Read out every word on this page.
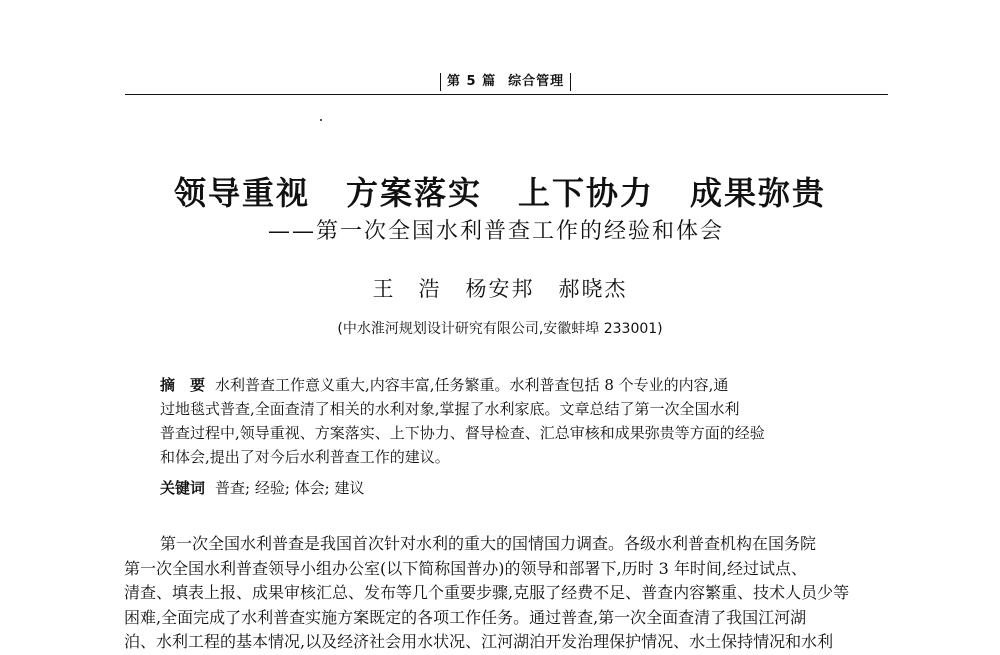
第 5 篇 综合管理
领导重视 方案落实 上下协力 成果弥贵
——第一次全国水利普查工作的经验和体会
王　浩 杨安邦 郝晓杰
(中水淮河规划设计研究有限公司,安徽蚌埠 233001)
摘　要 水利普查工作意义重大,内容丰富,任务繁重。水利普查包括 8 个专业的内容,通
过地毯式普查,全面查清了相关的水利对象,掌握了水利家底。文章总结了第一次全国水利
普查过程中,领导重视、方案落实、上下协力、督导检查、汇总审核和成果弥贵等方面的经验
和体会,提出了对今后水利普查工作的建议。
关键词 普查; 经验; 体会; 建议
第一次全国水利普查是我国首次针对水利的重大的国情国力调查。各级水利普查机构在国务院
第一次全国水利普查领导小组办公室(以下简称国普办)的领导和部署下,历时 3 年时间,经过试点、
清查、填表上报、成果审核汇总、发布等几个重要步骤,克服了经费不足、普查内容繁重、技术人员少等
困难,全面完成了水利普查实施方案既定的各项工作任务。通过普查,第一次全面查清了我国江河湖
泊、水利工程的基本情况,以及经济社会用水状况、江河湖泊开发治理保护情况、水土保持情况和水利
